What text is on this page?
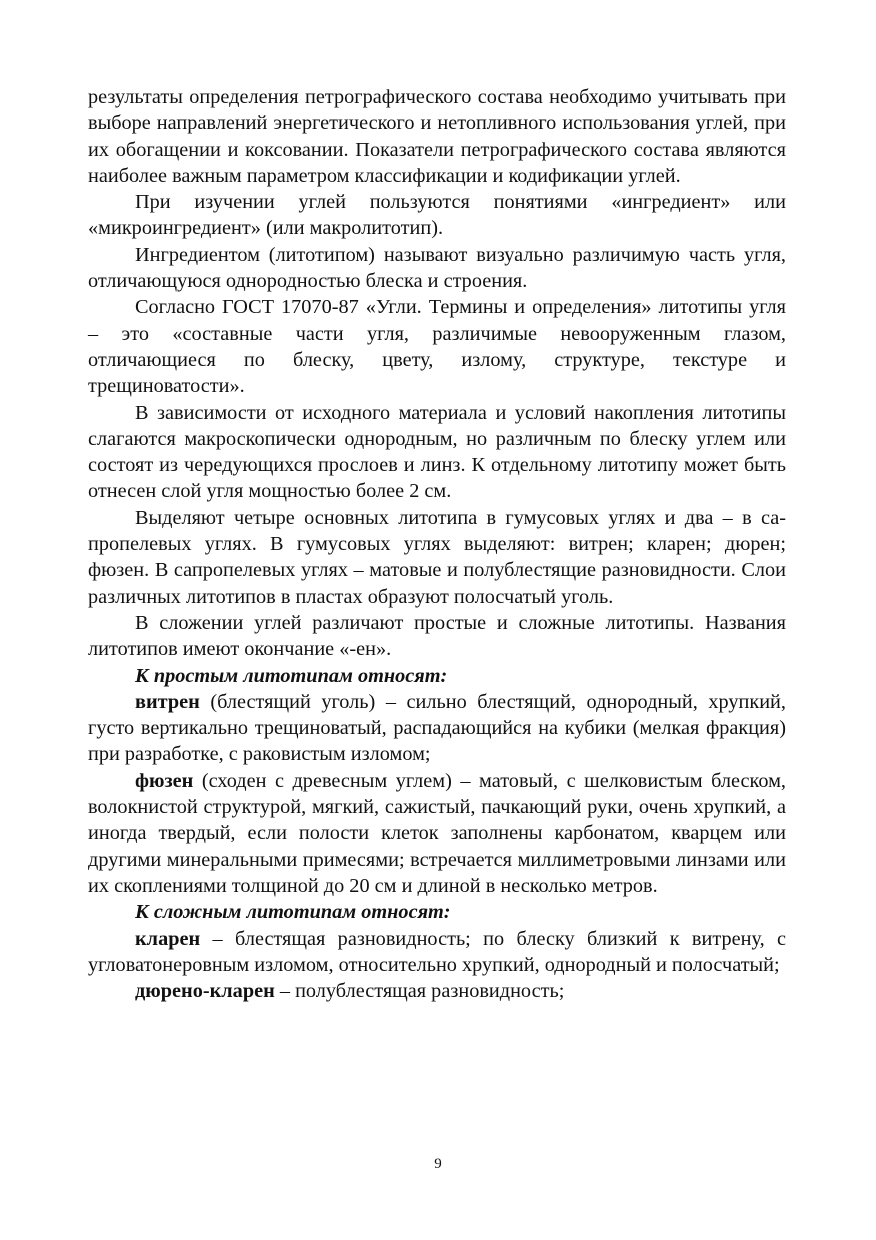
результаты определения петрографического состава необходимо учитывать при выборе направлений энергетического и нетопливного использования углей, при их обогащении и коксовании. Показатели петрографического состава являются наиболее важным параметром классификации и кодификации углей.

При изучении углей пользуются понятиями «ингредиент» или «микроингредиент» (или макролитотип).

Ингредиентом (литотипом) называют визуально различимую часть угля, отличающуюся однородностью блеска и строения.

Согласно ГОСТ 17070-87 «Угли. Термины и определения» литотипы угля – это «составные части угля, различимые невооруженным глазом, отличающиеся по блеску, цвету, излому, структуре, текстуре и трещиноватости».

В зависимости от исходного материала и условий накопления литотипы слагаются макроскопически однородным, но различным по блеску углем или состоят из чередующихся прослоев и линз. К отдельному литотипу может быть отнесен слой угля мощностью более 2 см.

Выделяют четыре основных литотипа в гумусовых углях и два – в сапропелевых углях. В гумусовых углях выделяют: витрен; кларен; дюрен; фюзен. В сапропелевых углях – матовые и полублестящие разновидности. Слои различных литотипов в пластах образуют полосчатый уголь.

В сложении углей различают простые и сложные литотипы. Названия литотипов имеют окончание «-ен».

К простым литотипам относят:

витрен (блестящий уголь) – сильно блестящий, однородный, хрупкий, густо вертикально трещиноватый, распадающийся на кубики (мелкая фракция) при разработке, с раковистым изломом;

фюзен (сходен с древесным углем) – матовый, с шелковистым блеском, волокнистой структурой, мягкий, сажистый, пачкающий руки, очень хрупкий, а иногда твердый, если полости клеток заполнены карбонатом, кварцем или другими минеральными примесями; встречается миллиметровыми линзами или их скоплениями толщиной до 20 см и длиной в несколько метров.

К сложным литотипам относят:

кларен – блестящая разновидность; по блеску близкий к витрену, с угловатонеровным изломом, относительно хрупкий, однородный и полосчатый;

дюрено-кларен – полублестящая разновидность;

9
